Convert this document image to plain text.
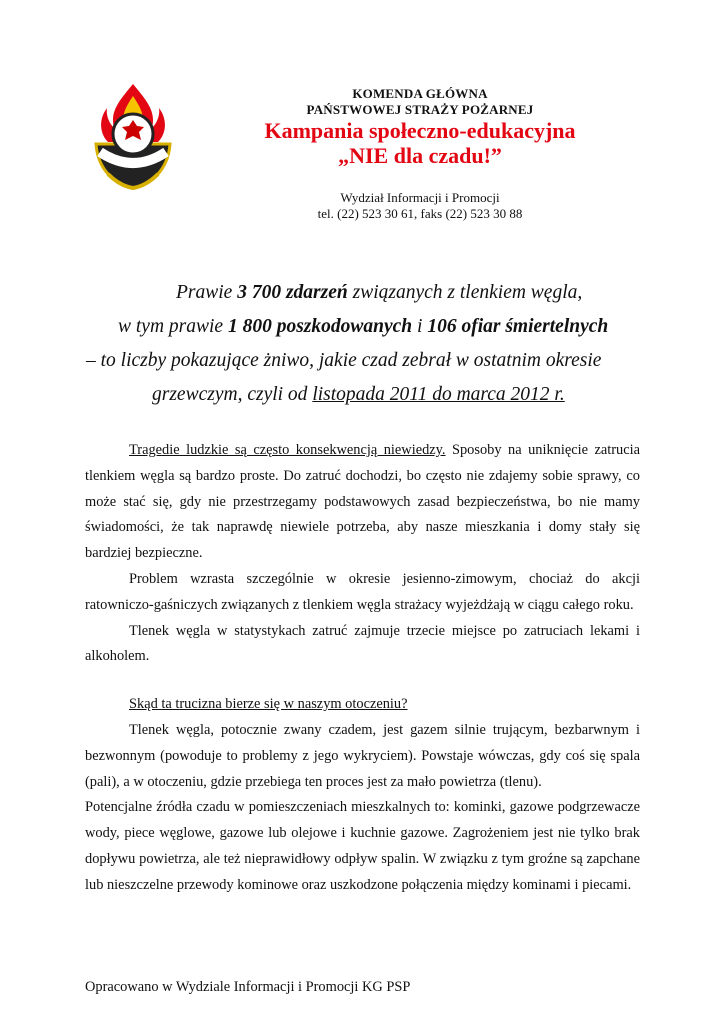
KOMENDA GŁÓWNA
PAŃSTWOWEJ STRAŻY POŻARNEJ
Kampania społeczno-edukacyjna
„NIE dla czadu!”
Wydział Informacji i Promocji
tel. (22) 523 30 61, faks (22) 523 30 88
Prawie 3 700 zdarzeń związanych z tlenkiem węgla,
w tym prawie 1 800 poszkodowanych i 106 ofiar śmiertelnych
– to liczby pokazujące żniwo, jakie czad zebrał w ostatnim okresie
grzewczym, czyli od listopada 2011 do marca 2012 r.

Tragedie ludzkie są często konsekwencją niewiedzy. Sposoby na uniknięcie zatrucia tlenkiem węgla są bardzo proste. Do zatruć dochodzi, bo często nie zdajemy sobie sprawy, co może stać się, gdy nie przestrzegamy podstawowych zasad bezpieczeństwa, bo nie mamy świadomości, że tak naprawdę niewiele potrzeba, aby nasze mieszkania i domy stały się bardziej bezpieczne.

Problem wzrasta szczególnie w okresie jesienno-zimowym, chociaż do akcji ratowniczo-gaśniczych związanych z tlenkiem węgla strażacy wyjeżdżają w ciągu całego roku.

Tlenek węgla w statystykach zatruć zajmuje trzecie miejsce po zatruciach lekami i alkoholem.

Skąd ta trucizna bierze się w naszym otoczeniu?

Tlenek węgla, potocznie zwany czadem, jest gazem silnie trującym, bezbarwnym i bezwonnym (powoduje to problemy z jego wykryciem). Powstaje wówczas, gdy coś się spala (pali), a w otoczeniu, gdzie przebiega ten proces jest za mało powietrza (tlenu).

Potencjalne źródła czadu w pomieszczeniach mieszkalnych to: kominki, gazowe podgrzewacze wody, piece węglowe, gazowe lub olejowe i kuchnie gazowe. Zagrożeniem jest nie tylko brak dopływu powietrza, ale też nieprawidłowy odpływ spalin. W związku z tym groźne są zapchane lub nieszczelne przewody kominowe oraz uszkodzone połączenia między kominami i piecami.

Opracowano w Wydziale Informacji i Promocji KG PSP
